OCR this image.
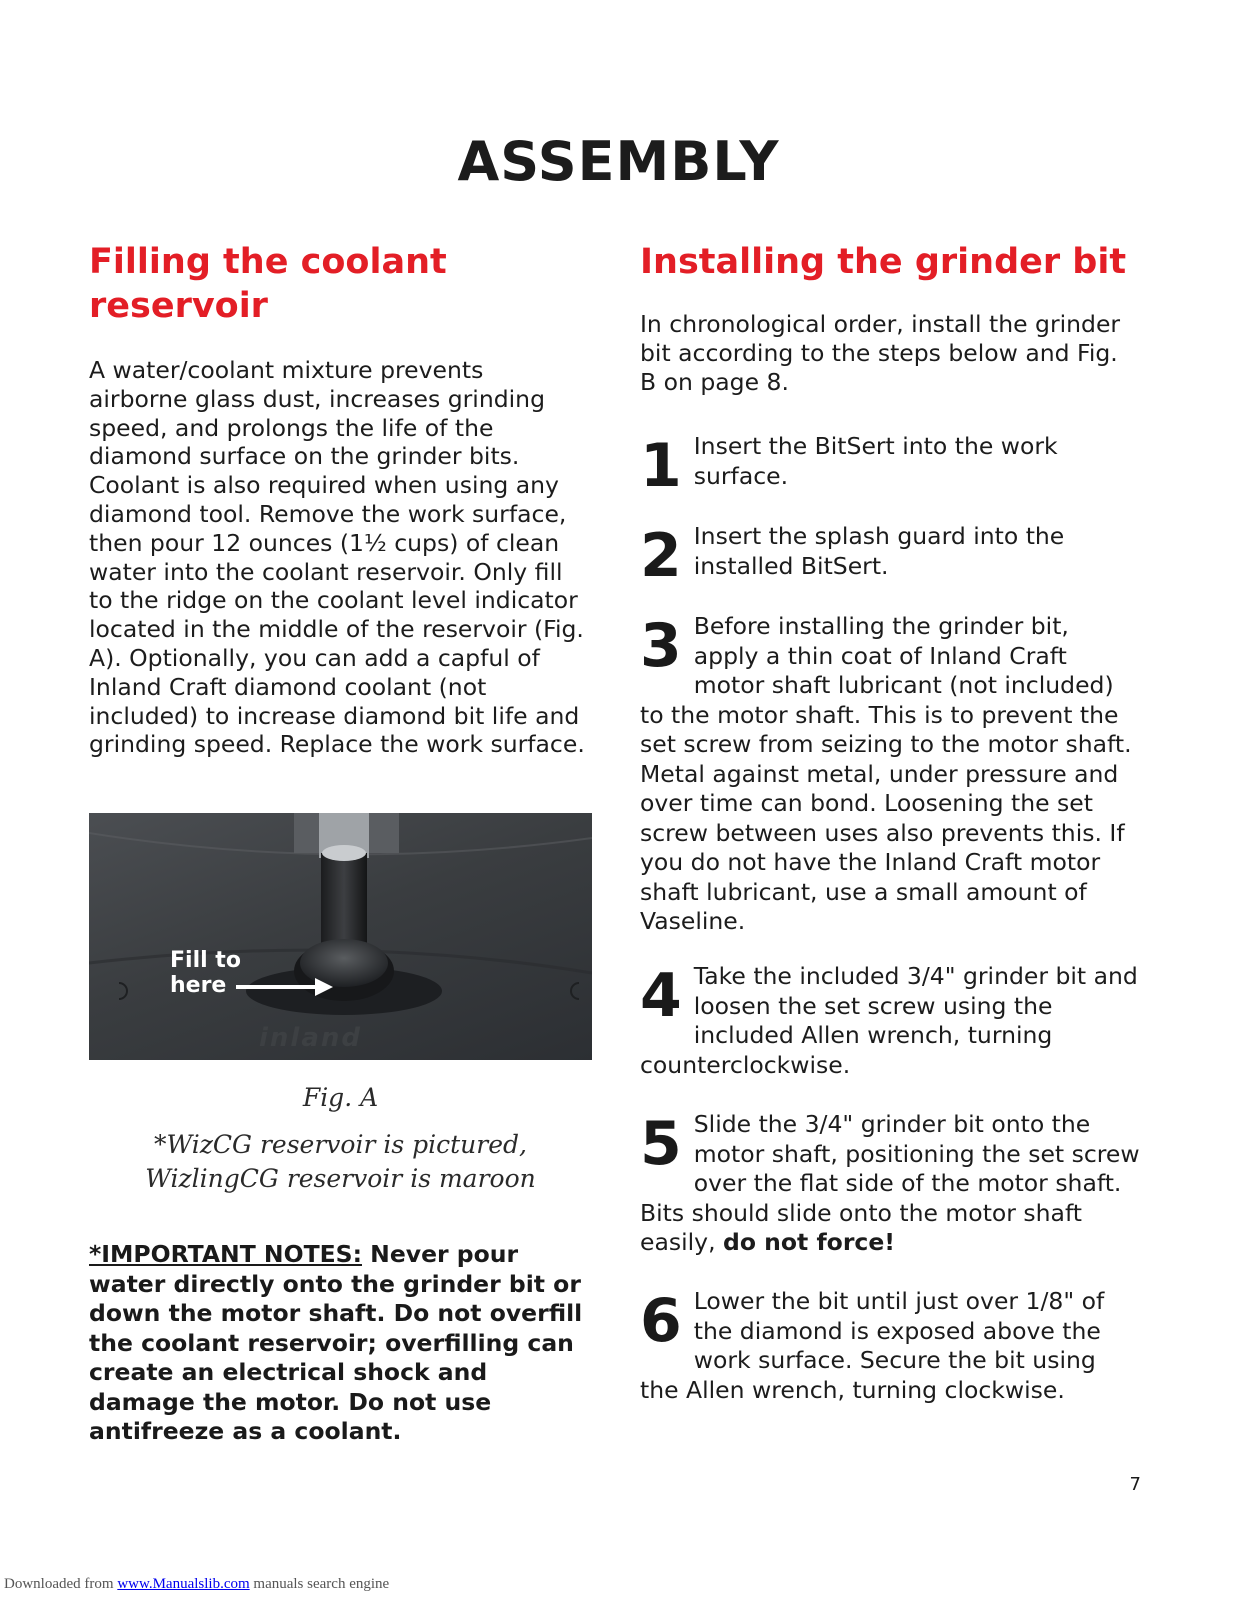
ASSEMBLY
Filling the coolant
reservoir

A water/coolant mixture prevents airborne glass dust, increases grinding speed, and prolongs the life of the diamond surface on the grinder bits. Coolant is also required when using any diamond tool. Remove the work surface, then pour 12 ounces (1½ cups) of clean water into the coolant reservoir. Only fill to the ridge on the coolant level indicator located in the middle of the reservoir (Fig. A). Optionally, you can add a capful of Inland Craft diamond coolant (not included) to increase diamond bit life and grinding speed. Replace the work surface.

Fill to
here
inland
Fig. A
*WizCG reservoir is pictured,
WizlingCG reservoir is maroon

*IMPORTANT NOTES: Never pour water directly onto the grinder bit or down the motor shaft. Do not overfill the coolant reservoir; overfilling can create an electrical shock and damage the motor. Do not use antifreeze as a coolant.

Installing the grinder bit

In chronological order, install the grinder bit according to the steps below and Fig. B on page 8.

1 Insert the BitSert into the work surface.
2 Insert the splash guard into the installed BitSert.
3 Before installing the grinder bit, apply a thin coat of Inland Craft motor shaft lubricant (not included) to the motor shaft. This is to prevent the set screw from seizing to the motor shaft. Metal against metal, under pressure and over time can bond. Loosening the set screw between uses also prevents this. If you do not have the Inland Craft motor shaft lubricant, use a small amount of Vaseline.
4 Take the included 3/4" grinder bit and loosen the set screw using the included Allen wrench, turning counterclockwise.
5 Slide the 3/4" grinder bit onto the motor shaft, positioning the set screw over the flat side of the motor shaft. Bits should slide onto the motor shaft easily, do not force!
6 Lower the bit until just over 1/8" of the diamond is exposed above the work surface. Secure the bit using the Allen wrench, turning clockwise.
7
Downloaded from www.Manualslib.com manuals search engine
